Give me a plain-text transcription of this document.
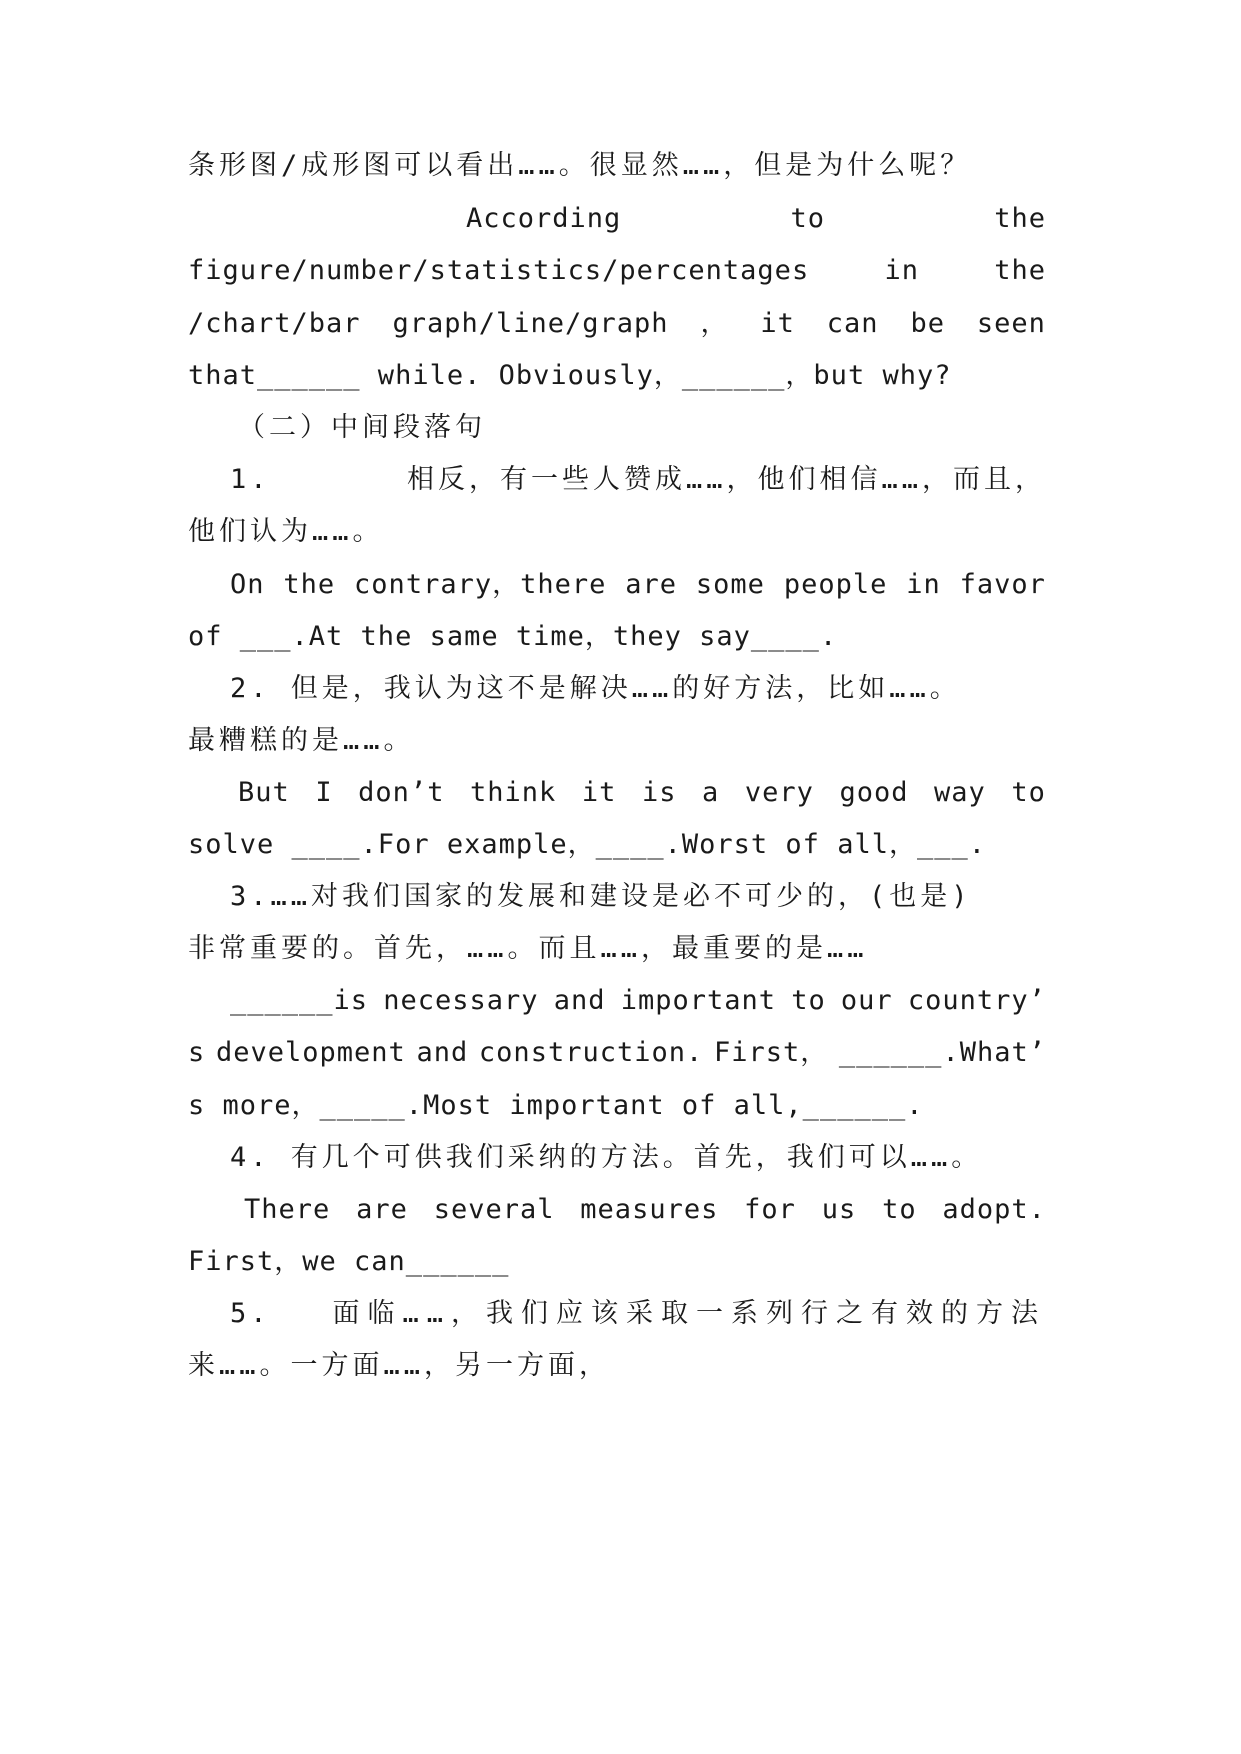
条形图/成形图可以看出……。很显然……，但是为什么呢？
According	to	the
figure/number/statistics/percentages	in	the
/chart/bar graph/line/graph ， it can be seen
that______ while. Obviously，______，but why?
（二）中间段落句
1.	相反，有一些人赞成……，他们相信……，而且，
他们认为……。
On the contrary，there are some people in favor
of ___.At the same time，they say____.
2. 但是，我认为这不是解决……的好方法，比如……。
最糟糕的是……。
But I don’t think it is a very good way to
solve ____.For example，____.Worst of all，___.
3.……对我们国家的发展和建设是必不可少的，(也是)
非常重要的。首先，……。而且……，最重要的是……
______is necessary and important to our country’
s development and construction. First， ______.What’
s more，_____.Most important of all,______.
4. 有几个可供我们采纳的方法。首先，我们可以……。
There are several measures for us to adopt.
First，we can______
5. 面临……，我们应该采取一系列行之有效的方法
来……。一方面……，另一方面，
